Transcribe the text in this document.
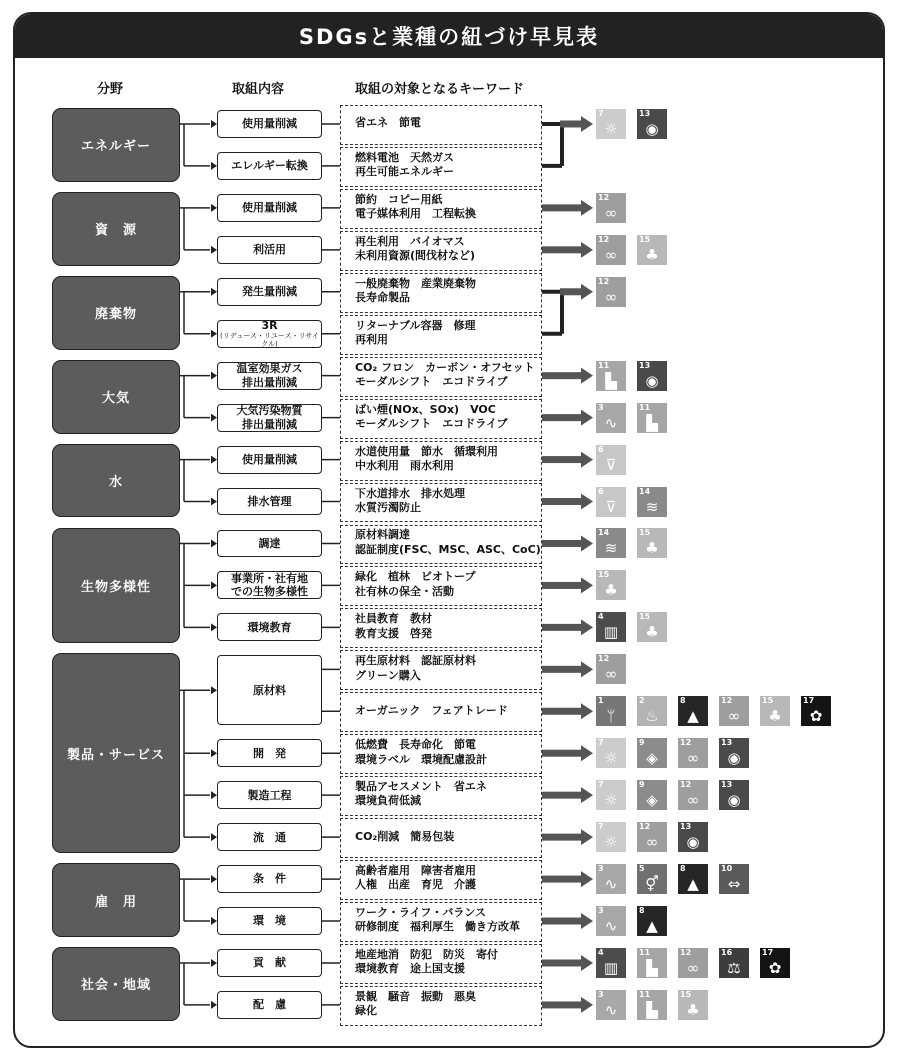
SDGsと業種の紐づけ早見表
分野	取組内容	取組の対象となるキーワード
エネルギー
資　源
廃棄物
大気
水
生物多様性
製品・サービス
雇　用
社会・地域
使用量削減
エレルギー転換
使用量削減
利活用
発生量削減
3R
(リデュース・リユース・リサイクル)
温室効果ガス
排出量削減
大気汚染物質
排出量削減
使用量削減
排水管理
調達
事業所・社有地
での生物多様性
環境教育
原材料
開　発
製造工程
流　通
条　件
環　境
貢　献
配　慮
省エネ　節電
燃料電池　天然ガス
再生可能エネルギー
節約　コピー用紙
電子媒体利用　工程転換
再生利用　バイオマス
未利用資源(間伐材など)
一般廃棄物　産業廃棄物
長寿命製品
リターナブル容器　修理
再利用
CO₂ フロン　カーボン・オフセット
モーダルシフト　エコドライブ
ばい煙(NOx、SOx)　VOC
モーダルシフト　エコドライブ
水道使用量　節水　循環利用
中水利用　雨水利用
下水道排水　排水処理
水質汚濁防止
原材料調達
認証制度(FSC、MSC、ASC、CoC)
緑化　植林　ビオトープ
社有林の保全・活動
社員教育　教材
教育支援　啓発
再生原材料　認証原材料
グリーン購入
オーガニック　フェアトレード
低燃費　長寿命化　節電
環境ラベル　環境配慮設計
製品アセスメント　省エネ
環境負荷低減
CO₂削減　簡易包装
高齢者雇用　障害者雇用
人権　出産　育児　介護
ワーク・ライフ・バランス
研修制度　福利厚生　働き方改革
地産地消　防犯　防災　寄付
環境教育　途上国支援
景観　騒音　振動　悪臭
緑化
7
☼
13
◉
12
∞
12
∞
15
♣
12
∞
11
▙
13
◉
3
∿
11
▙
6
⊽
6
⊽
14
≋
14
≋
15
♣
15
♣
4
▥
15
♣
12
∞
1
ᛘ
2
♨
8
▲
12
∞
15
♣
17
✿
7
☼
9
◈
12
∞
13
◉
7
☼
9
◈
12
∞
13
◉
7
☼
12
∞
13
◉
3
∿
5
⚥
8
▲
10
⇔
3
∿
8
▲
4
▥
11
▙
12
∞
16
⚖
17
✿
3
∿
11
▙
15
♣
